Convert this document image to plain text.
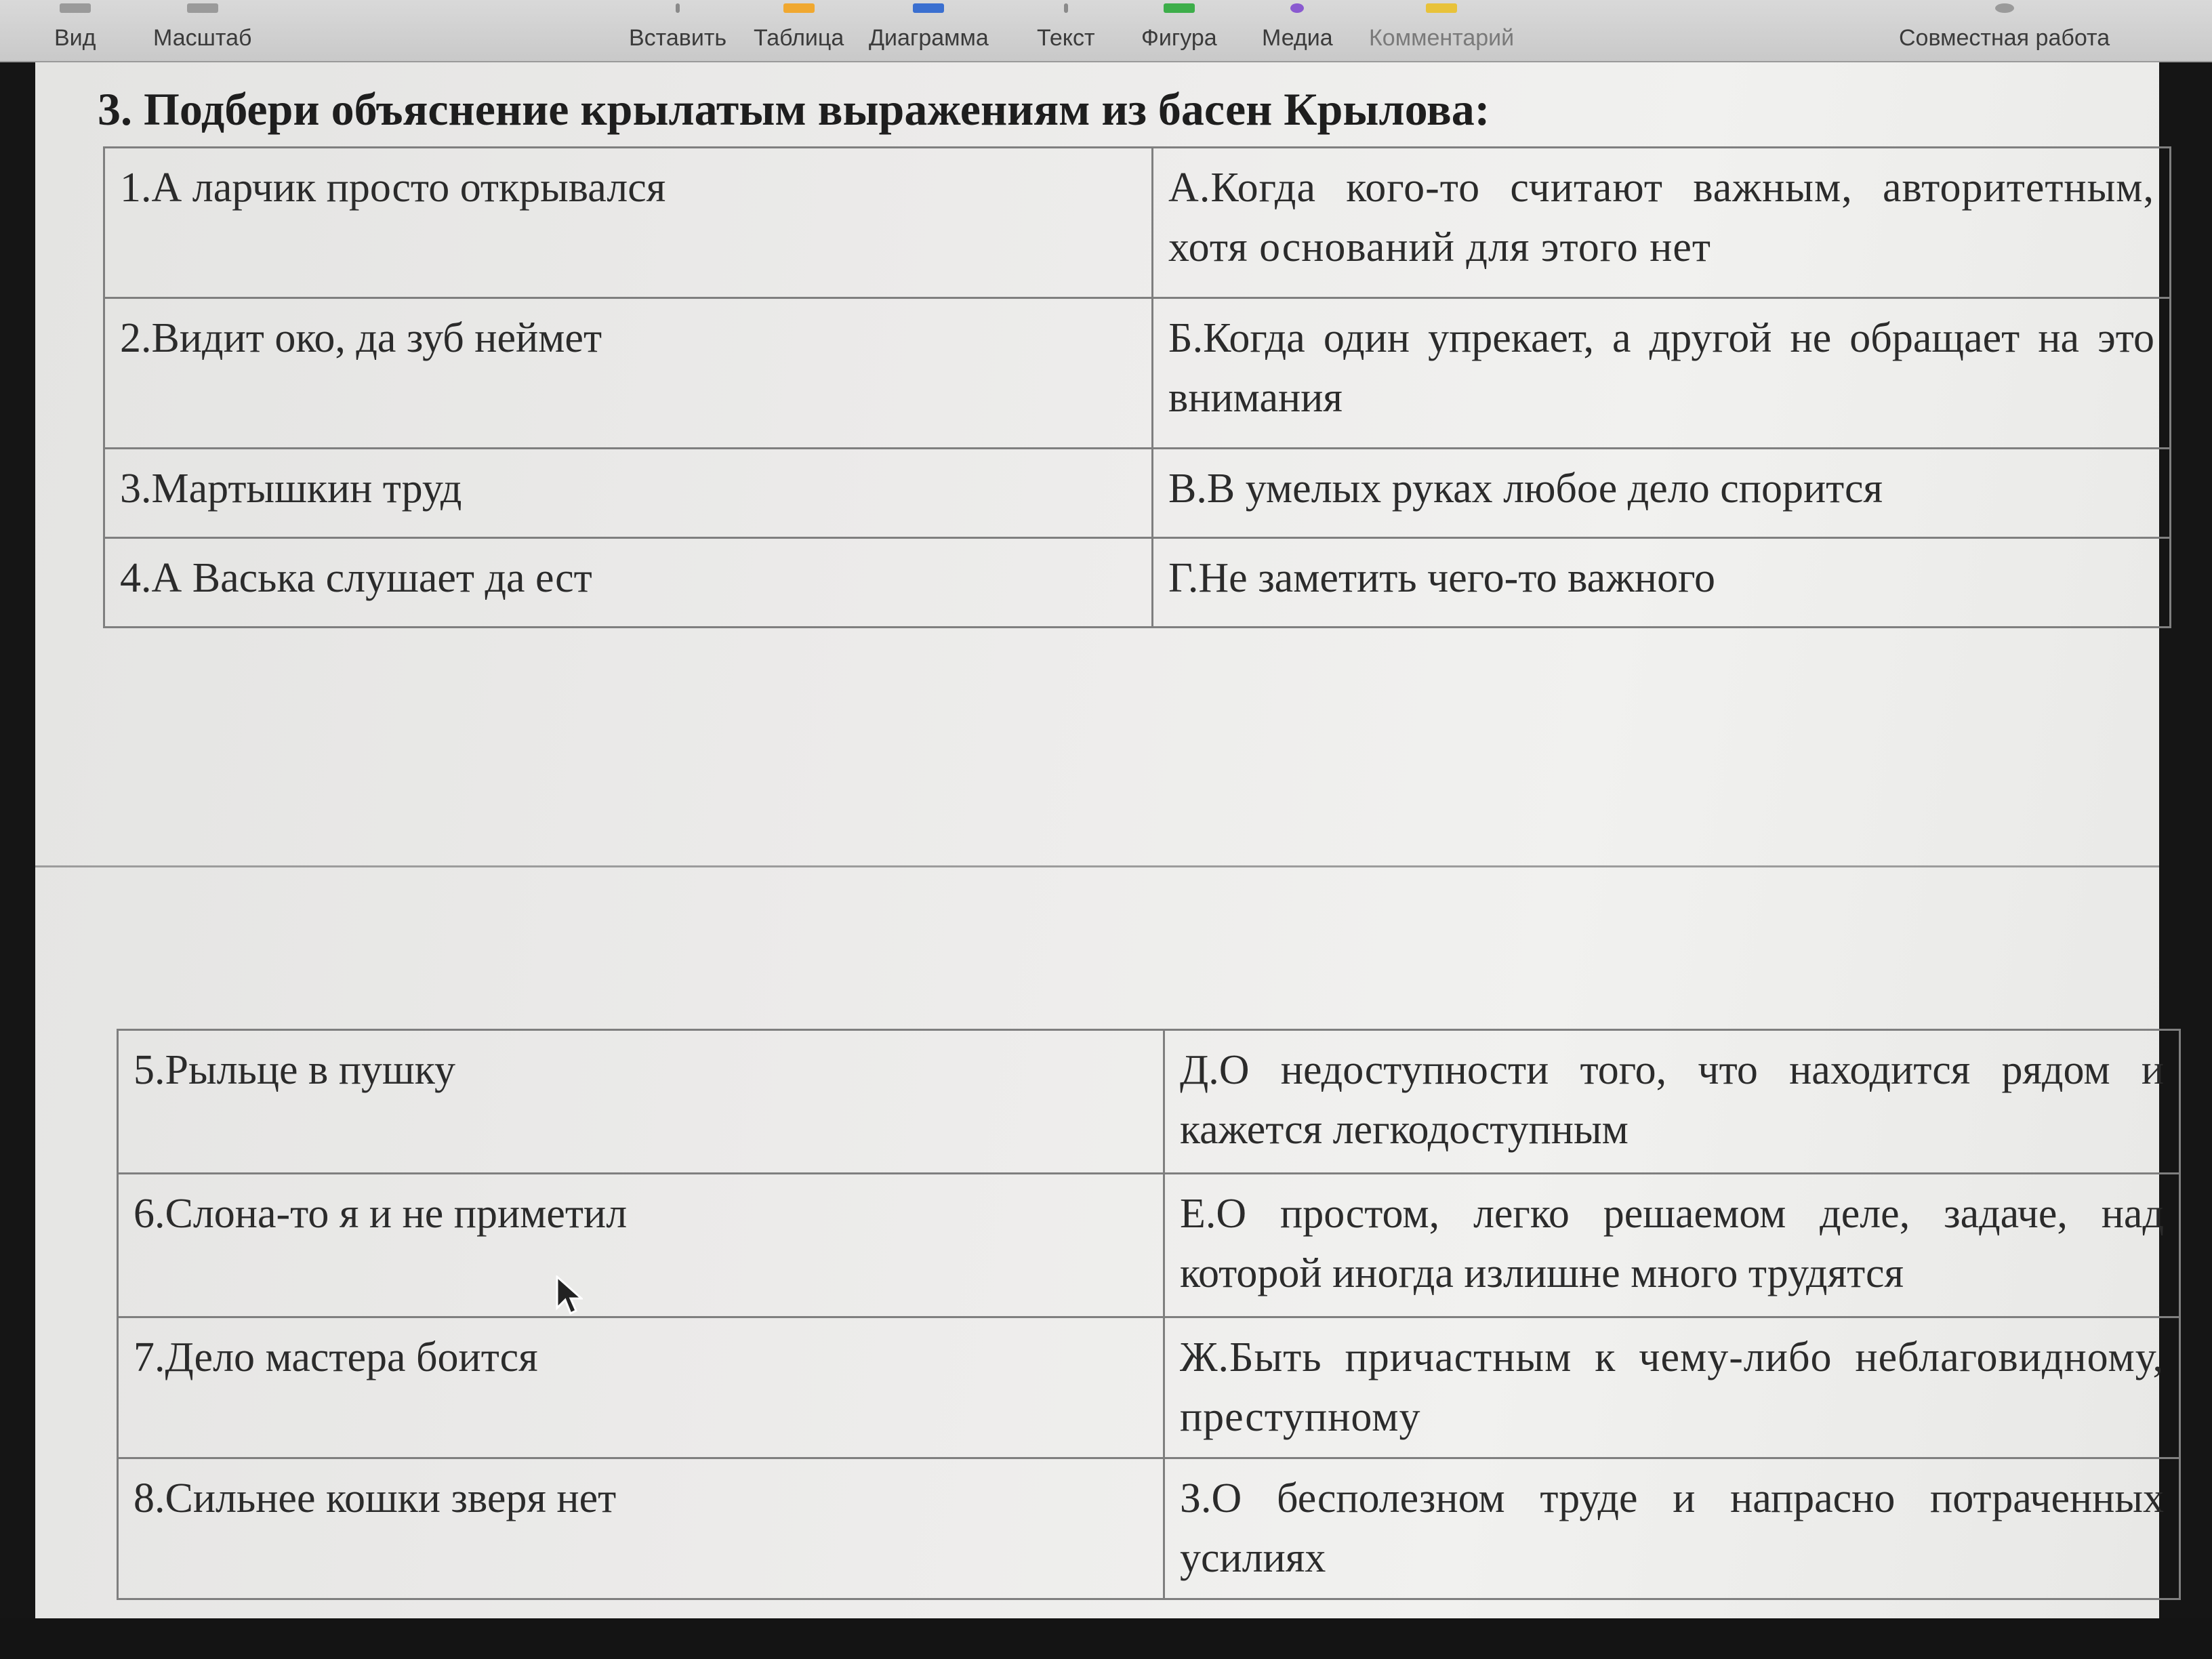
Вид Масштаб	Вставить Таблица Диаграмма Текст Фигура Медиа Комментарий	Совместная работа
3. Подбери объяснение крылатым выражениям из басен Крылова:
1.А ларчик просто открывался	А.Когда кого-то считают важным, авторитетным, хотя оснований для этого нет
2.Видит око, да зуб неймет	Б.Когда один упрекает, а другой не обращает на это внимания
3.Мартышкин труд	В.В умелых руках любое дело спорится
4.А Васька слушает да ест	Г.Не заметить чего-то важного
5.Рыльце в пушку	Д.О недоступности того, что находится рядом и кажется легкодоступным
6.Слона-то я и не приметил	Е.О простом, легко решаемом деле, задаче, над которой иногда излишне много трудятся
7.Дело мастера боится	Ж.Быть причастным к чему-либо неблаговидному, преступному
8.Сильнее кошки зверя нет	З.О бесполезном труде и напрасно потраченных усилиях
